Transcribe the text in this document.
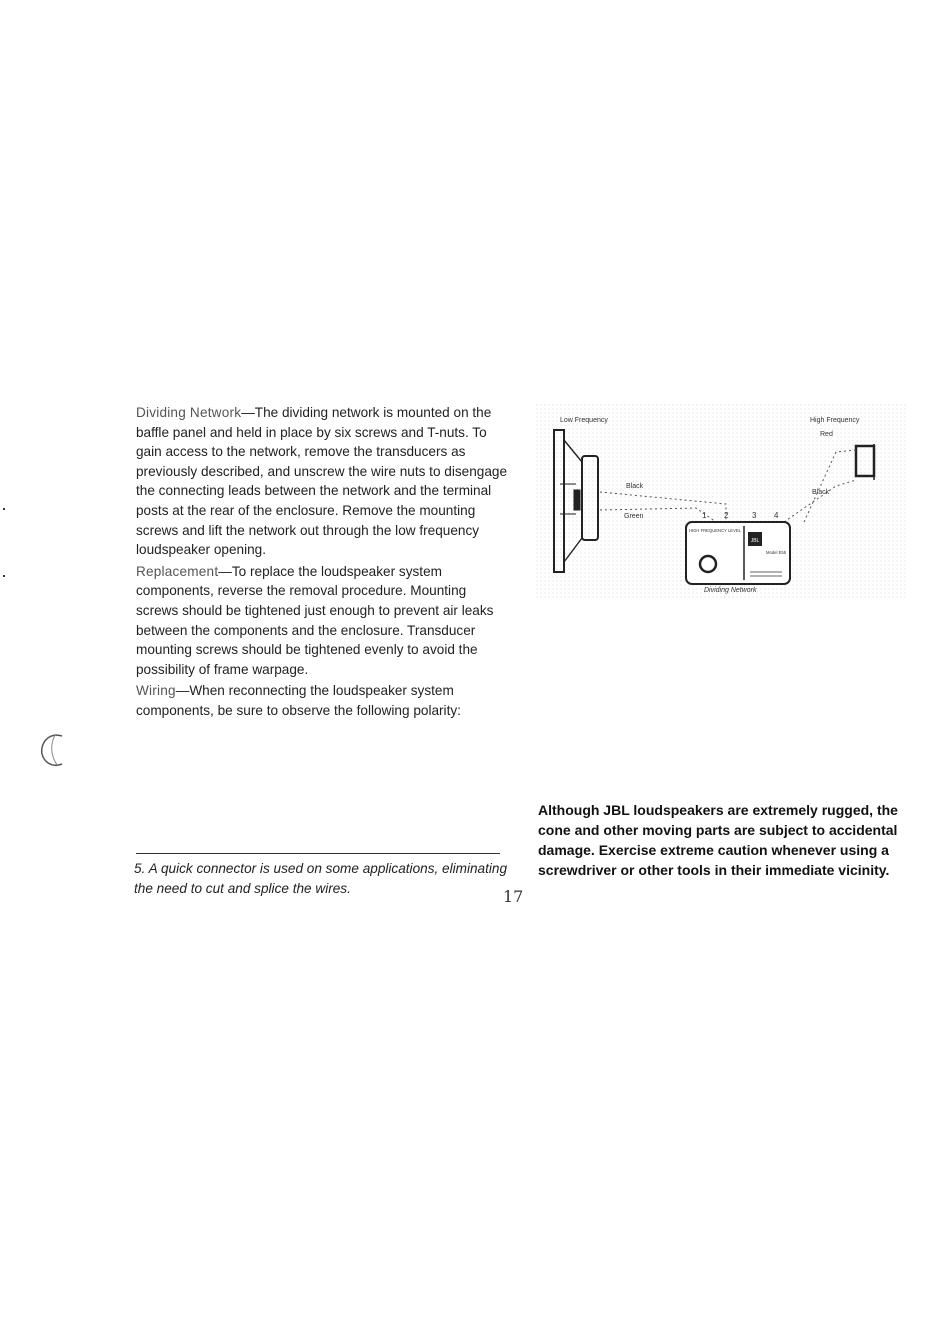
Dividing Network—The dividing network is mounted on the baffle panel and held in place by six screws and T-nuts. To gain access to the network, remove the transducers as previously described, and unscrew the wire nuts to disengage the connecting leads between the network and the terminal posts at the rear of the enclosure. Remove the mounting screws and lift the network out through the low frequency loudspeaker opening.

Replacement—To replace the loudspeaker system components, reverse the removal procedure. Mounting screws should be tightened just enough to prevent air leaks between the components and the enclosure. Transducer mounting screws should be tightened evenly to avoid the possibility of frame warpage.

Wiring—When reconnecting the loudspeaker system components, be sure to observe the following polarity:

5. A quick connector is used on some applications, eliminating the need to cut and splice the wires.	17
JBL
HIGH FREQUENCY LEVEL
Model E55
Low Frequency	High Frequency
Red
Black
Black
Green	1 2	3 4
Dividing Network

Although JBL loudspeakers are extremely rugged, the cone and other moving parts are subject to accidental damage. Exercise extreme caution whenever using a screwdriver or other tools in their immediate vicinity.
